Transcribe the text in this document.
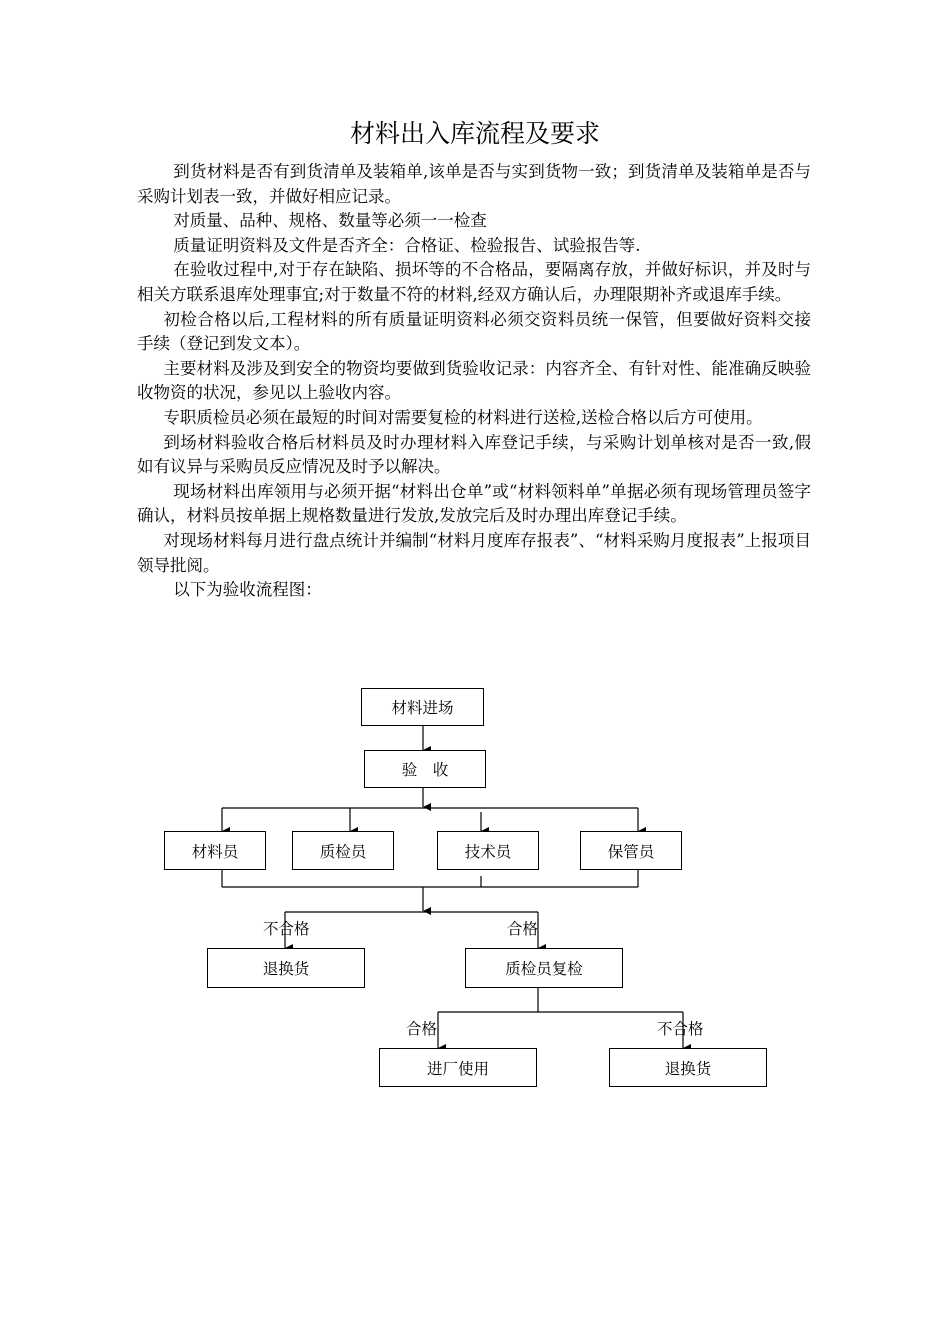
材料出入库流程及要求

到货材料是否有到货清单及装箱单,该单是否与实到货物一致；到货清单及装箱单是否与采购计划表一致，并做好相应记录。

对质量、品种、规格、数量等必须一一检查

质量证明资料及文件是否齐全：合格证、检验报告、试验报告等.

在验收过程中,对于存在缺陷、损坏等的不合格品，要隔离存放，并做好标识，并及时与相关方联系退库处理事宜;对于数量不符的材料,经双方确认后，办理限期补齐或退库手续。

初检合格以后,工程材料的所有质量证明资料必须交资料员统一保管，但要做好资料交接手续（登记到发文本）。

主要材料及涉及到安全的物资均要做到货验收记录：内容齐全、有针对性、能准确反映验收物资的状况，参见以上验收内容。

专职质检员必须在最短的时间对需要复检的材料进行送检,送检合格以后方可使用。

到场材料验收合格后材料员及时办理材料入库登记手续，与采购计划单核对是否一致,假如有议异与采购员反应情况及时予以解决。

现场材料出库领用与必须开据“材料出仓单”或“材料领料单”单据必须有现场管理员签字确认，材料员按单据上规格数量进行发放,发放完后及时办理出库登记手续。

对现场材料每月进行盘点统计并编制“材料月度库存报表”、“材料采购月度报表”上报项目领导批阅。

以下为验收流程图：

材料进场
验　收
材料员	质检员	技术员	保管员
退换货	质检员复检
进厂使用	退换货
不合格	合格
合格	不合格
